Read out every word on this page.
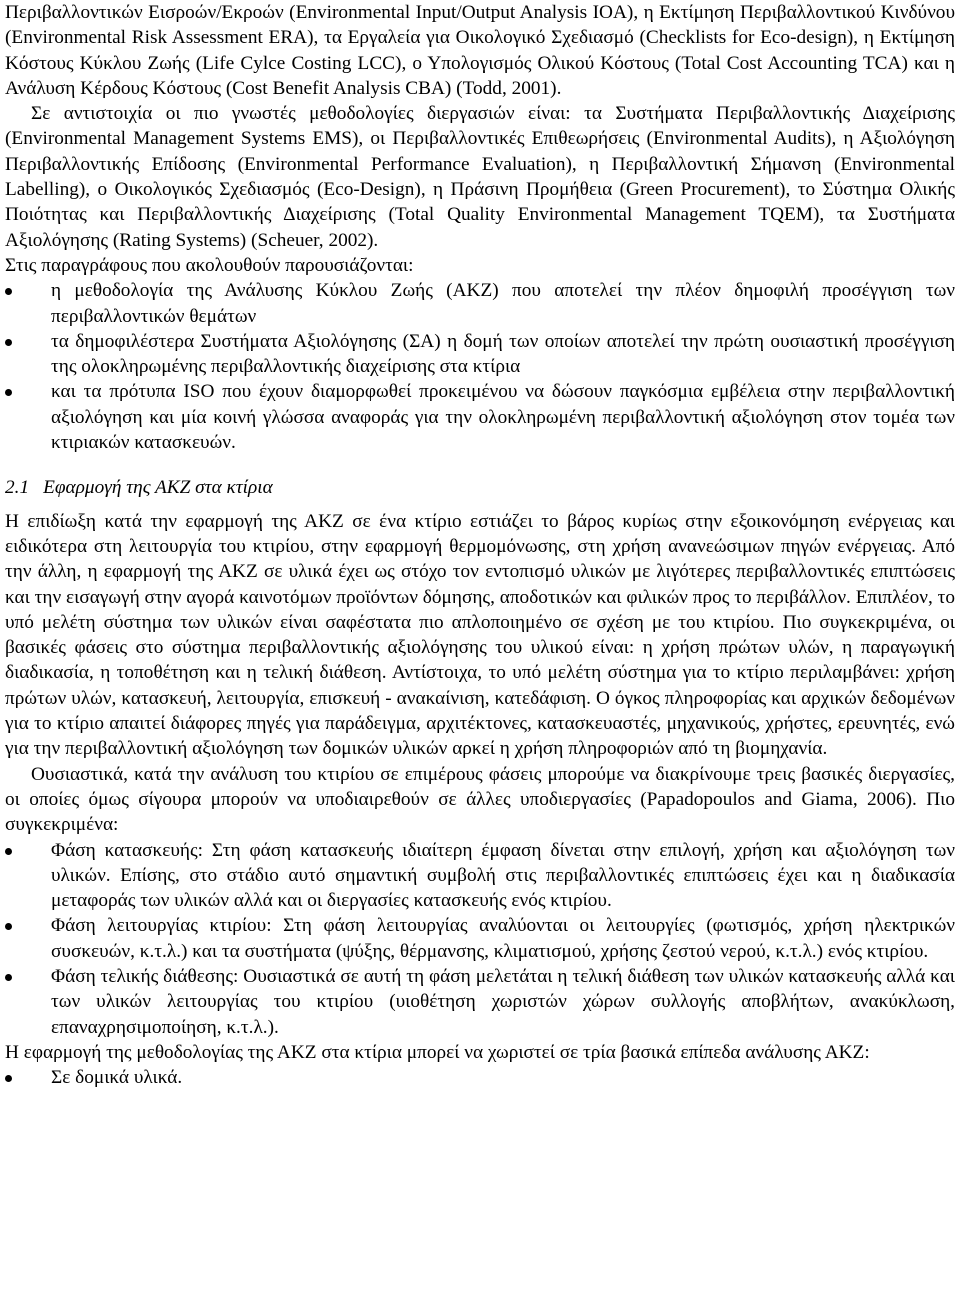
Περιβαλλοντικών Εισροών/Εκροών (Environmental Input/Output Analysis IOA), η Εκτίμηση Περιβαλλοντικού Κινδύνου (Environmental Risk Assessment ERA), τα Εργαλεία για Οικολογικό Σχεδιασμό (Checklists for Eco-design), η Εκτίμηση Κόστους Κύκλου Ζωής (Life Cylce Costing LCC), ο Υπολογισμός Ολικού Κόστους (Total Cost Accounting TCA) και η Ανάλυση Κέρδους Κόστους (Cost Benefit Analysis CBA) (Todd, 2001).

Σε αντιστοιχία οι πιο γνωστές μεθοδολογίες διεργασιών είναι: τα Συστήματα Περιβαλλοντικής Διαχείρισης (Environmental Management Systems EMS), οι Περιβαλλοντικές Επιθεωρήσεις (Environmental Audits), η Αξιολόγηση Περιβαλλοντικής Επίδοσης (Environmental Performance Evaluation), η Περιβαλλοντική Σήμανση (Environmental Labelling), ο Οικολογικός Σχεδιασμός (Eco-Design), η Πράσινη Προμήθεια (Green Procurement), το Σύστημα Ολικής Ποιότητας και Περιβαλλοντικής Διαχείρισης (Total Quality Environmental Management TQEM), τα Συστήματα Αξιολόγησης (Rating Systems) (Scheuer, 2002).

Στις παραγράφους που ακολουθούν παρουσιάζονται:

η μεθοδολογία της Ανάλυσης Κύκλου Ζωής (ΑΚΖ) που αποτελεί την πλέον δημοφιλή προσέγγιση των περιβαλλοντικών θεμάτων
τα δημοφιλέστερα Συστήματα Αξιολόγησης (ΣΑ) η δομή των οποίων αποτελεί την πρώτη ουσιαστική προσέγγιση της ολοκληρωμένης περιβαλλοντικής διαχείρισης στα κτίρια
και τα πρότυπα ISO που έχουν διαμορφωθεί προκειμένου να δώσουν παγκόσμια εμβέλεια στην περιβαλλοντική αξιολόγηση και μία κοινή γλώσσα αναφοράς για την ολοκληρωμένη περιβαλλοντική αξιολόγηση στον τομέα των κτιριακών κατασκευών.
2.1 Εφαρμογή της ΑΚΖ στα κτίρια

Η επιδίωξη κατά την εφαρμογή της ΑΚΖ σε ένα κτίριο εστιάζει το βάρος κυρίως στην εξοικονόμηση ενέργειας και ειδικότερα στη λειτουργία του κτιρίου, στην εφαρμογή θερμομόνωσης, στη χρήση ανανεώσιμων πηγών ενέργειας. Από την άλλη, η εφαρμογή της ΑΚΖ σε υλικά έχει ως στόχο τον εντοπισμό υλικών με λιγότερες περιβαλλοντικές επιπτώσεις και την εισαγωγή στην αγορά καινοτόμων προϊόντων δόμησης, αποδοτικών και φιλικών προς το περιβάλλον. Επιπλέον, το υπό μελέτη σύστημα των υλικών είναι σαφέστατα πιο απλοποιημένο σε σχέση με του κτιρίου. Πιο συγκεκριμένα, οι βασικές φάσεις στο σύστημα περιβαλλοντικής αξιολόγησης του υλικού είναι: η χρήση πρώτων υλών, η παραγωγική διαδικασία, η τοποθέτηση και η τελική διάθεση. Αντίστοιχα, το υπό μελέτη σύστημα για το κτίριο περιλαμβάνει: χρήση πρώτων υλών, κατασκευή, λειτουργία, επισκευή - ανακαίνιση, κατεδάφιση. Ο όγκος πληροφορίας και αρχικών δεδομένων για το κτίριο απαιτεί διάφορες πηγές για παράδειγμα, αρχιτέκτονες, κατασκευαστές, μηχανικούς, χρήστες, ερευνητές, ενώ για την περιβαλλοντική αξιολόγηση των δομικών υλικών αρκεί η χρήση πληροφοριών από τη βιομηχανία.

Ουσιαστικά, κατά την ανάλυση του κτιρίου σε επιμέρους φάσεις μπορούμε να διακρίνουμε τρεις βασικές διεργασίες, οι οποίες όμως σίγουρα μπορούν να υποδιαιρεθούν σε άλλες υποδιεργασίες (Papadopoulos and Giama, 2006). Πιο συγκεκριμένα:

Φάση κατασκευής: Στη φάση κατασκευής ιδιαίτερη έμφαση δίνεται στην επιλογή, χρήση και αξιολόγηση των υλικών. Επίσης, στο στάδιο αυτό σημαντική συμβολή στις περιβαλλοντικές επιπτώσεις έχει και η διαδικασία μεταφοράς των υλικών αλλά και οι διεργασίες κατασκευής ενός κτιρίου.
Φάση λειτουργίας κτιρίου: Στη φάση λειτουργίας αναλύονται οι λειτουργίες (φωτισμός, χρήση ηλεκτρικών συσκευών, κ.τ.λ.) και τα συστήματα (ψύξης, θέρμανσης, κλιματισμού, χρήσης ζεστού νερού, κ.τ.λ.) ενός κτιρίου.
Φάση τελικής διάθεσης: Ουσιαστικά σε αυτή τη φάση μελετάται η τελική διάθεση των υλικών κατασκευής αλλά και των υλικών λειτουργίας του κτιρίου (υιοθέτηση χωριστών χώρων συλλογής αποβλήτων, ανακύκλωση, επαναχρησιμοποίηση, κ.τ.λ.).

Η εφαρμογή της μεθοδολογίας της ΑΚΖ στα κτίρια μπορεί να χωριστεί σε τρία βασικά επίπεδα ανάλυσης ΑΚΖ:

Σε δομικά υλικά.
